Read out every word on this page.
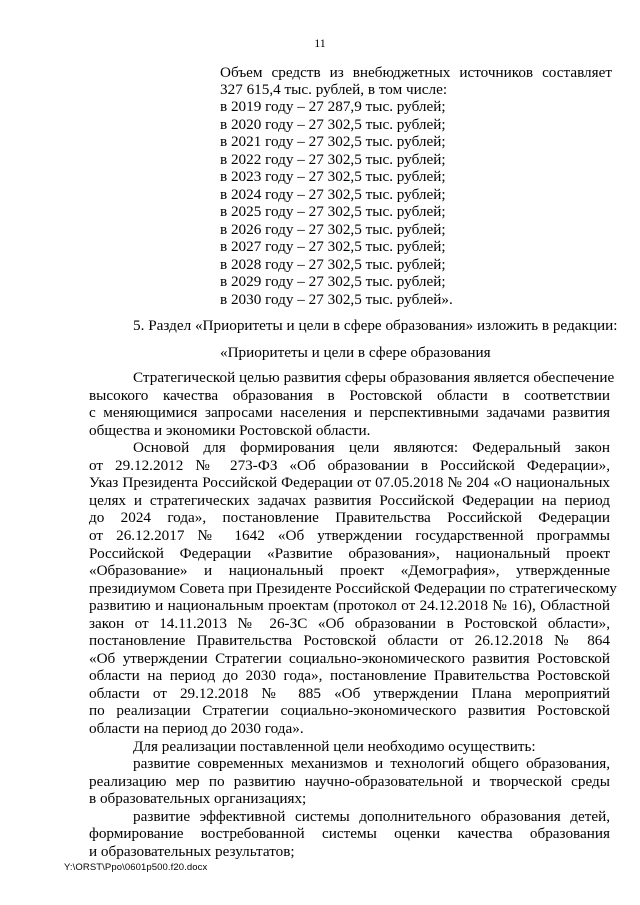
11
Объем средств из внебюджетных источников составляет
327 615,4 тыс. рублей, в том числе:
в 2019 году – 27 287,9 тыс. рублей;
в 2020 году – 27 302,5 тыс. рублей;
в 2021 году – 27 302,5 тыс. рублей;
в 2022 году – 27 302,5 тыс. рублей;
в 2023 году – 27 302,5 тыс. рублей;
в 2024 году – 27 302,5 тыс. рублей;
в 2025 году – 27 302,5 тыс. рублей;
в 2026 году – 27 302,5 тыс. рублей;
в 2027 году – 27 302,5 тыс. рублей;
в 2028 году – 27 302,5 тыс. рублей;
в 2029 году – 27 302,5 тыс. рублей;
в 2030 году – 27 302,5 тыс. рублей».
5. Раздел «Приоритеты и цели в сфере образования» изложить в редакции:
«Приоритеты и цели в сфере образования
Стратегической целью развития сферы образования является обеспечение
высокого качества образования в Ростовской области в соответствии
с меняющимися запросами населения и перспективными задачами развития
общества и экономики Ростовской области.
Основой для формирования цели являются: Федеральный закон
от 29.12.2012 № 273-ФЗ «Об образовании в Российской Федерации»,
Указ Президента Российской Федерации от 07.05.2018 № 204 «О национальных
целях и стратегических задачах развития Российской Федерации на период
до 2024 года», постановление Правительства Российской Федерации
от 26.12.2017 № 1642 «Об утверждении государственной программы
Российской Федерации «Развитие образования», национальный проект
«Образование» и национальный проект «Демография», утвержденные
президиумом Совета при Президенте Российской Федерации по стратегическому
развитию и национальным проектам (протокол от 24.12.2018 № 16), Областной
закон от 14.11.2013 № 26-ЗС «Об образовании в Ростовской области»,
постановление Правительства Ростовской области от 26.12.2018 № 864
«Об утверждении Стратегии социально-экономического развития Ростовской
области на период до 2030 года», постановление Правительства Ростовской
области от 29.12.2018 № 885 «Об утверждении Плана мероприятий
по реализации Стратегии социально-экономического развития Ростовской
области на период до 2030 года».
Для реализации поставленной цели необходимо осуществить:
развитие современных механизмов и технологий общего образования,
реализацию мер по развитию научно-образовательной и творческой среды
в образовательных организациях;
развитие эффективной системы дополнительного образования детей,
формирование востребованной системы оценки качества образования
и образовательных результатов;
Y:\ORST\Ppo\0601p500.f20.docx
